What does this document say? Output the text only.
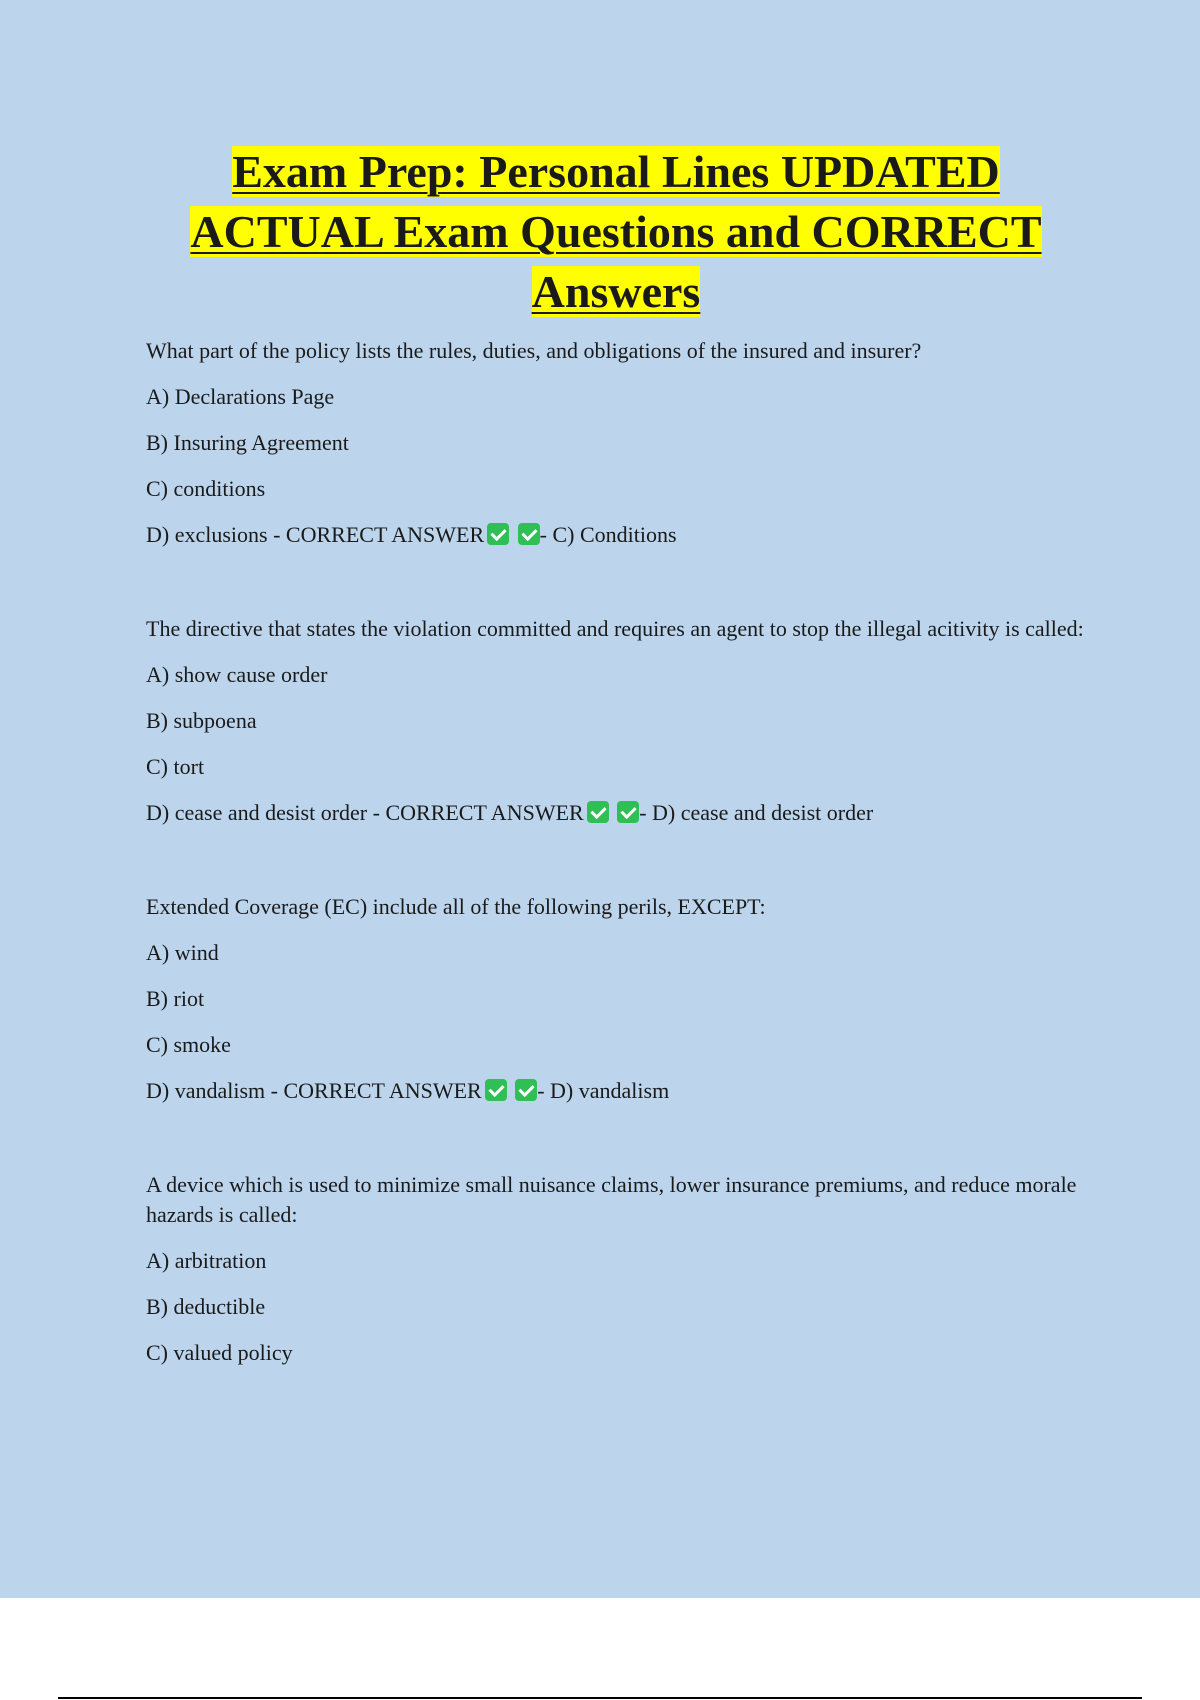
Exam Prep: Personal Lines UPDATED
ACTUAL Exam Questions and CORRECT
Answers

What part of the policy lists the rules, duties, and obligations of the insured and insurer?

A) Declarations Page

B) Insuring Agreement

C) conditions

D) exclusions - CORRECT ANSWER	- C) Conditions

The directive that states the violation committed and requires an agent to stop the illegal acitivity is called:

A) show cause order

B) subpoena

C) tort

D) cease and desist order - CORRECT ANSWER	- D) cease and desist order

Extended Coverage (EC) include all of the following perils, EXCEPT:

A) wind

B) riot

C) smoke

D) vandalism - CORRECT ANSWER	- D) vandalism

A device which is used to minimize small nuisance claims, lower insurance premiums, and reduce morale hazards is called:

A) arbitration

B) deductible

C) valued policy
